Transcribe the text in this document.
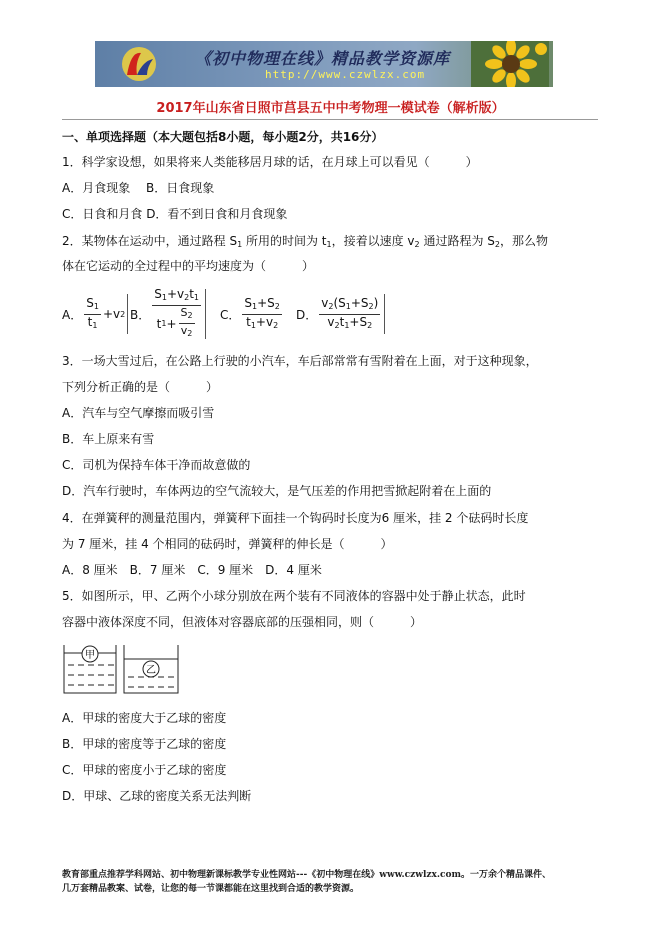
《初中物理在线》精品教学资源库
http://www.czwlzx.com
2017年山东省日照市莒县五中中考物理一模试卷（解析版）
一、单项选择题（本大题包括8小题，每小题2分，共16分）
1．科学家设想，如果将来人类能移居月球的话，在月球上可以看见（　　　）
A．月食现象　 B．日食现象
C．日食和月食 D．看不到日食和月食现象
2．某物体在运动中，通过路程 $S_1$ 所用的时间为 $t_1$，接着以速度 $v_2$ 通过路程为 $S_2$，那么物
体在它运动的全过程中的平均速度为（　　　）
A． $\frac{S_1}{t_1} +v$ 2 B． $\frac{S_1+v_2t_1}{t 1 + \frac{S_2}{v_2}}$ C． $\frac{S_1+S_2}{t_1+v_2}$ D． $\frac{v_2(S_1+S_2)}{v_2t_1+S_2}$
3．一场大雪过后，在公路上行驶的小汽车，车后部常常有雪附着在上面，对于这种现象，
下列分析正确的是（　　　）
A．汽车与空气摩擦而吸引雪
B．车上原来有雪
C．司机为保持车体干净而故意做的
D．汽车行驶时，车体两边的空气流较大，是气压差的作用把雪掀起附着在上面的
4．在弹簧秤的测量范围内，弹簧秤下面挂一个钩码时长度为6 厘米，挂 2 个砝码时长度
为 7 厘米，挂 4 个相同的砝码时，弹簧秤的伸长是（　　　）
A．8 厘米　B．7 厘米　C．9 厘米　D．4 厘米
5．如图所示，甲、乙两个小球分别放在两个装有不同液体的容器中处于静止状态，此时
容器中液体深度不同，但液体对容器底部的压强相同，则（　　　）
甲
乙
A．甲球的密度大于乙球的密度
B．甲球的密度等于乙球的密度
C．甲球的密度小于乙球的密度
D．甲球、乙球的密度关系无法判断
教育部重点推荐学科网站、初中物理新课标教学专业性网站---《初中物理在线》www.czwlzx.com。一万余个精品课件、
几万套精品教案、试卷，让您的每一节课都能在这里找到合适的教学资源。
